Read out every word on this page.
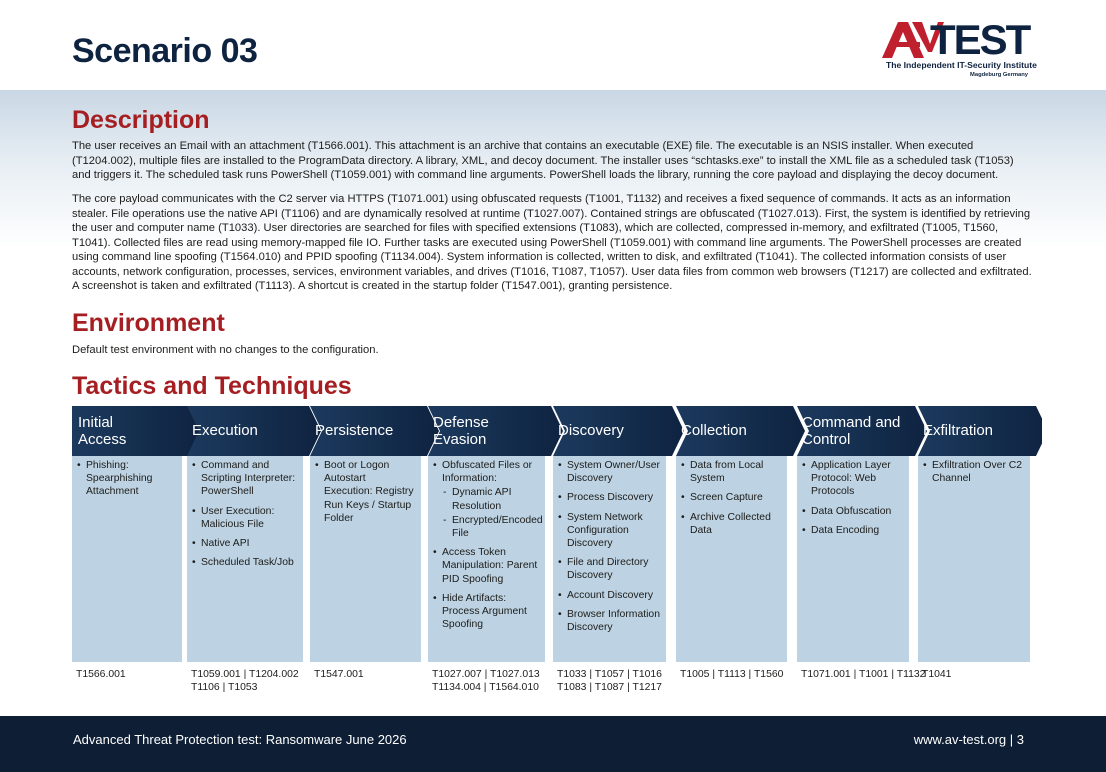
Scenario 03	TEST
The Independent IT-Security Institute
Magdeburg Germany
Description

The user receives an Email with an attachment (T1566.001). This attachment is an archive that contains an executable (EXE) file. The executable is an NSIS installer. When executed (T1204.002), multiple files are installed to the ProgramData directory. A library, XML, and decoy document. The installer uses “schtasks.exe” to install the XML file as a scheduled task (T1053) and triggers it. The scheduled task runs PowerShell (T1059.001) with command line arguments. PowerShell loads the library, running the core payload and displaying the decoy document.

The core payload communicates with the C2 server via HTTPS (T1071.001) using obfuscated requests (T1001, T1132) and receives a fixed sequence of commands. It acts as an information stealer. File operations use the native API (T1106) and are dynamically resolved at runtime (T1027.007). Contained strings are obfuscated (T1027.013). First, the system is identified by retrieving the user and computer name (T1033). User directories are searched for files with specified extensions (T1083), which are collected, compressed in-memory, and exfiltrated (T1005, T1560, T1041). Collected files are read using memory-mapped file IO. Further tasks are executed using PowerShell (T1059.001) with command line arguments. The PowerShell processes are created using command line spoofing (T1564.010) and PPID spoofing (T1134.004). System information is collected, written to disk, and exfiltrated (T1041). The collected information consists of user accounts, network configuration, processes, services, environment variables, and drives (T1016, T1087, T1057). User data files from common web browsers (T1217) are collected and exfiltrated. A screenshot is taken and exfiltrated (T1113). A shortcut is created in the startup folder (T1547.001), granting persistence.

Environment

Default test environment with no changes to the configuration.

Tactics and Techniques
Initial
Access
• Phishing: Spearphishing Attachment
T1566.001
Execution
• Command and Scripting Interpreter: PowerShell
• User Execution: Malicious File
• Native API
• Scheduled Task/Job
T1059.001 | T1204.002
T1106 | T1053
Persistence
• Boot or Logon Autostart Execution: Registry Run Keys / Startup Folder
T1547.001
Defense
Evasion
• Obfuscated Files or Information:
- Dynamic API Resolution
- Encrypted/Encoded File
• Access Token Manipulation: Parent PID Spoofing
• Hide Artifacts: Process Argument Spoofing
T1027.007 | T1027.013
T1134.004 | T1564.010
Discovery
• System Owner/User Discovery
• Process Discovery
• System Network Configuration Discovery
• File and Directory Discovery
• Account Discovery
• Browser Information Discovery
T1033 | T1057 | T1016
T1083 | T1087 | T1217
Collection
• Data from Local System
• Screen Capture
• Archive Collected Data
T1005 | T1113 | T1560
Command and
Control
• Application Layer Protocol: Web Protocols
• Data Obfuscation
• Data Encoding
T1071.001 | T1001 | T1132
Exfiltration
• Exfiltration Over C2 Channel
T1041
Advanced Threat Protection test: Ransomware June 2026	www.av-test.org | 3
